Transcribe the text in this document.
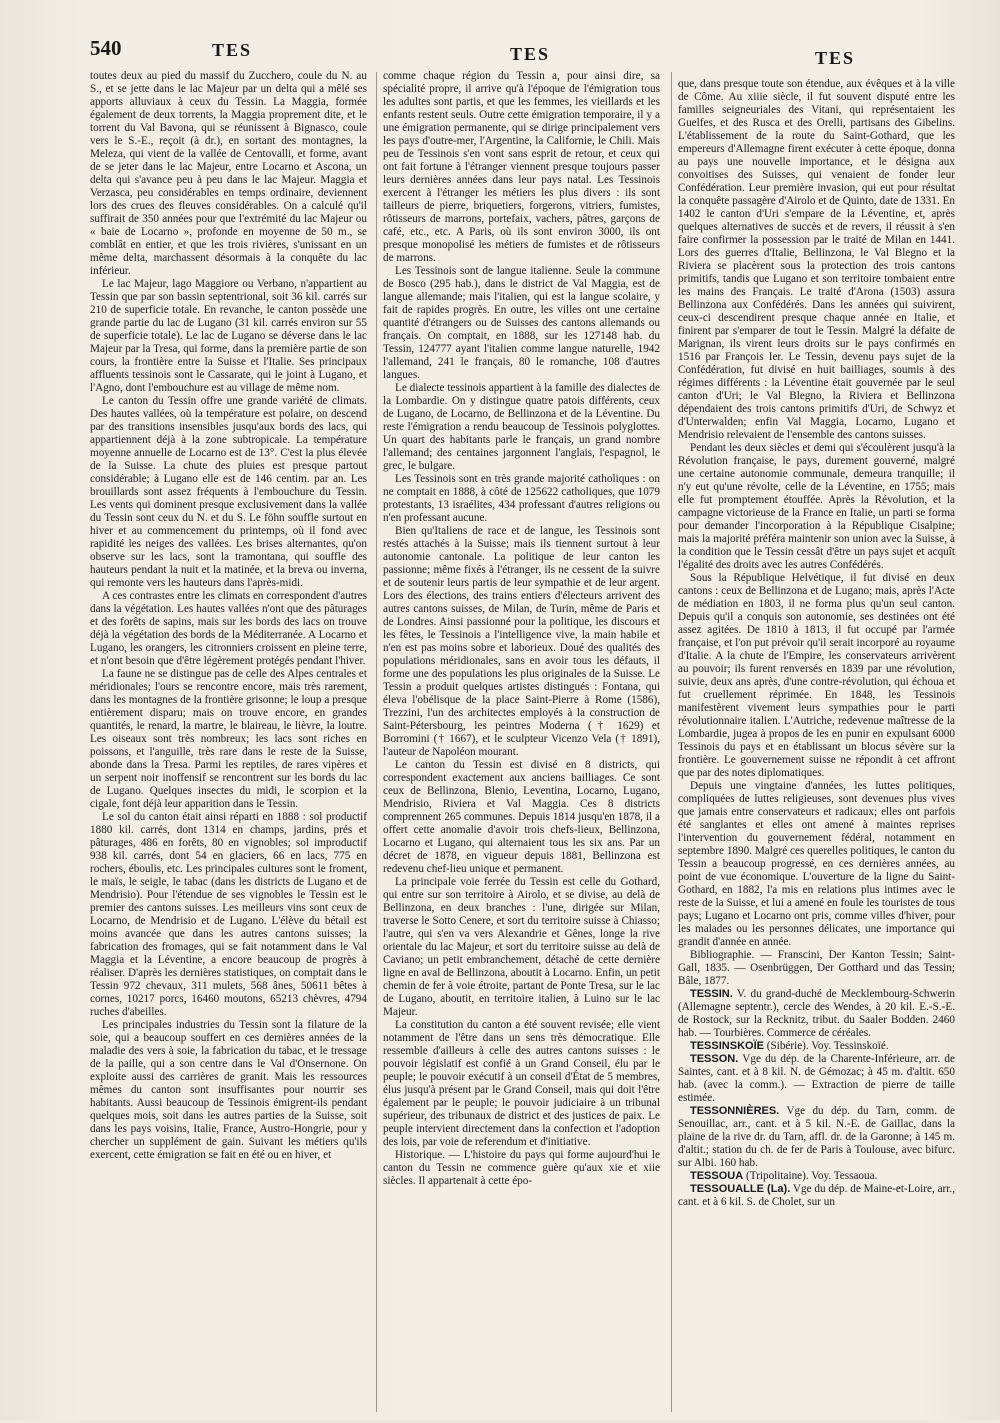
540	TES	TES	TES

toutes deux au pied du massif du Zucchero, coule du N. au S., et se jette dans le lac Majeur par un delta qui a mêlé ses apports alluviaux à ceux du Tessin. La Maggia, formée également de deux torrents, la Maggia proprement dite, et le torrent du Val Bavona, qui se réunissent à Bignasco, coule vers le S.-E., reçoit (à dr.), en sortant des montagnes, la Meleza, qui vient de la vallée de Centovalli, et forme, avant de se jeter dans le lac Majeur, entre Locarno et Ascona, un delta qui s'avance peu à peu dans le lac Majeur. Maggia et Verzasca, peu considérables en temps ordinaire, deviennent lors des crues des fleuves considérables. On a calculé qu'il suffirait de 350 années pour que l'extrémité du lac Majeur ou « baie de Locarno », profonde en moyenne de 50 m., se comblât en entier, et que les trois rivières, s'unissant en un même delta, marchassent désormais à la conquête du lac inférieur.

Le lac Majeur, lago Maggiore ou Verbano, n'appartient au Tessin que par son bassin septentrional, soit 36 kil. carrés sur 210 de superficie totale. En revanche, le canton possède une grande partie du lac de Lugano (31 kil. carrés environ sur 55 de superficie totale). Le lac de Lugano se déverse dans le lac Majeur par la Tresa, qui forme, dans la première partie de son cours, la frontière entre la Suisse et l'Italie. Ses principaux affluents tessinois sont le Cassarate, qui le joint à Lugano, et l'Agno, dont l'embouchure est au village de même nom.

Le canton du Tessin offre une grande variété de climats. Des hautes vallées, où la température est polaire, on descend par des transitions insensibles jusqu'aux bords des lacs, qui appartiennent déjà à la zone subtropicale. La température moyenne annuelle de Locarno est de 13°. C'est la plus élevée de la Suisse. La chute des pluies est presque partout considérable; à Lugano elle est de 146 centim. par an. Les brouillards sont assez fréquents à l'embouchure du Tessin. Les vents qui dominent presque exclusivement dans la vallée du Tessin sont ceux du N. et du S. Le föhn souffle surtout en hiver et au commencement du printemps, où il fond avec rapidité les neiges des vallées. Les brises alternantes, qu'on observe sur les lacs, sont la tramontana, qui souffle des hauteurs pendant la nuit et la matinée, et la breva ou inverna, qui remonte vers les hauteurs dans l'après-midi.

A ces contrastes entre les climats en correspondent d'autres dans la végétation. Les hautes vallées n'ont que des pâturages et des forêts de sapins, mais sur les bords des lacs on trouve déjà la végétation des bords de la Méditerranée. A Locarno et Lugano, les orangers, les citronniers croissent en pleine terre, et n'ont besoin que d'être légèrement protégés pendant l'hiver.

La faune ne se distingue pas de celle des Alpes centrales et méridionales; l'ours se rencontre encore, mais très rarement, dans les montagnes de la frontière grisonne; le loup a presque entièrement disparu; mais on trouve encore, en grandes quantités, le renard, la martre, le blaireau, le lièvre, la loutre. Les oiseaux sont très nombreux; les lacs sont riches en poissons, et l'anguille, très rare dans le reste de la Suisse, abonde dans la Tresa. Parmi les reptiles, de rares vipères et un serpent noir inoffensif se rencontrent sur les bords du lac de Lugano. Quelques insectes du midi, le scorpion et la cigale, font déjà leur apparition dans le Tessin.

Le sol du canton était ainsi réparti en 1888 : sol productif 1880 kil. carrés, dont 1314 en champs, jardins, prés et pâturages, 486 en forêts, 80 en vignobles; sol improductif 938 kil. carrés, dont 54 en glaciers, 66 en lacs, 775 en rochers, éboulis, etc. Les principales cultures sont le froment, le maïs, le seigle, le tabac (dans les districts de Lugano et de Mendrisio). Pour l'étendue de ses vignobles le Tessin est le premier des cantons suisses. Les meilleurs vins sont ceux de Locarno, de Mendrisio et de Lugano. L'élève du bétail est moins avancée que dans les autres cantons suisses; la fabrication des fromages, qui se fait notamment dans le Val Maggia et la Léventine, a encore beaucoup de progrès à réaliser. D'après les dernières statistiques, on comptait dans le Tessin 972 chevaux, 311 mulets, 568 ânes, 50611 bêtes à cornes, 10217 porcs, 16460 moutons, 65213 chèvres, 4794 ruches d'abeilles.

Les principales industries du Tessin sont la filature de la soie, qui a beaucoup souffert en ces dernières années de la maladie des vers à soie, la fabrication du tabac, et le tressage de la paille, qui a son centre dans le Val d'Onsernone. On exploite aussi des carrières de granit. Mais les ressources mêmes du canton sont insuffisantes pour nourrir ses habitants. Aussi beaucoup de Tessinois émigrent-ils pendant quelques mois, soit dans les autres parties de la Suisse, soit dans les pays voisins, Italie, France, Austro-Hongrie, pour y chercher un supplément de gain. Suivant les métiers qu'ils exercent, cette émigration se fait en été ou en hiver, et

comme chaque région du Tessin a, pour ainsi dire, sa spécialité propre, il arrive qu'à l'époque de l'émigration tous les adultes sont partis, et que les femmes, les vieillards et les enfants restent seuls. Outre cette émigration temporaire, il y a une émigration permanente, qui se dirige principalement vers les pays d'outre-mer, l'Argentine, la Californie, le Chili. Mais peu de Tessinois s'en vont sans esprit de retour, et ceux qui ont fait fortune à l'étranger viennent presque toujours passer leurs dernières années dans leur pays natal. Les Tessinois exercent à l'étranger les métiers les plus divers : ils sont tailleurs de pierre, briquetiers, forgerons, vitriers, fumistes, rôtisseurs de marrons, portefaix, vachers, pâtres, garçons de café, etc., etc. A Paris, où ils sont environ 3000, ils ont presque monopolisé les métiers de fumistes et de rôtisseurs de marrons.

Les Tessinois sont de langue italienne. Seule la commune de Bosco (295 hab.), dans le district de Val Maggia, est de langue allemande; mais l'italien, qui est la langue scolaire, y fait de rapides progrès. En outre, les villes ont une certaine quantité d'étrangers ou de Suisses des cantons allemands ou français. On comptait, en 1888, sur les 127148 hab. du Tessin, 124777 ayant l'italien comme langue naturelle, 1942 l'allemand, 241 le français, 80 le romanche, 108 d'autres langues.

Le dialecte tessinois appartient à la famille des dialectes de la Lombardie. On y distingue quatre patois différents, ceux de Lugano, de Locarno, de Bellinzona et de la Léventine. Du reste l'émigration a rendu beaucoup de Tessinois polyglottes. Un quart des habitants parle le français, un grand nombre l'allemand; des centaines jargonnent l'anglais, l'espagnol, le grec, le bulgare.

Les Tessinois sont en très grande majorité catholiques : on ne comptait en 1888, à côté de 125622 catholiques, que 1079 protestants, 13 israélites, 434 professant d'autres religions ou n'en professant aucune.

Bien qu'Italiens de race et de langue, les Tessinois sont restés attachés à la Suisse; mais ils tiennent surtout à leur autonomie cantonale. La politique de leur canton les passionne; même fixés à l'étranger, ils ne cessent de la suivre et de soutenir leurs partis de leur sympathie et de leur argent. Lors des élections, des trains entiers d'électeurs arrivent des autres cantons suisses, de Milan, de Turin, même de Paris et de Londres. Ainsi passionné pour la politique, les discours et les fêtes, le Tessinois a l'intelligence vive, la main habile et n'en est pas moins sobre et laborieux. Doué des qualités des populations méridionales, sans en avoir tous les défauts, il forme une des populations les plus originales de la Suisse. Le Tessin a produit quelques artistes distingués : Fontana, qui éleva l'obélisque de la place Saint-Pierre à Rome (1586), Trezzini, l'un des architectes employés à la construction de Saint-Pétersbourg, les peintres Moderna († 1629) et Borromini († 1667), et le sculpteur Vicenzo Vela († 1891), l'auteur de Napoléon mourant.

Le canton du Tessin est divisé en 8 districts, qui correspondent exactement aux anciens bailliages. Ce sont ceux de Bellinzona, Blenio, Leventina, Locarno, Lugano, Mendrisio, Riviera et Val Maggia. Ces 8 districts comprennent 265 communes. Depuis 1814 jusqu'en 1878, il a offert cette anomalie d'avoir trois chefs-lieux, Bellinzona, Locarno et Lugano, qui alternaient tous les six ans. Par un décret de 1878, en vigueur depuis 1881, Bellinzona est redevenu chef-lieu unique et permanent.

La principale voie ferrée du Tessin est celle du Gothard, qui entre sur son territoire à Airolo, et se divise, au delà de Bellinzona, en deux branches : l'une, dirigée sur Milan, traverse le Sotto Cenere, et sort du territoire suisse à Chiasso; l'autre, qui s'en va vers Alexandrie et Gênes, longe la rive orientale du lac Majeur, et sort du territoire suisse au delà de Caviano; un petit embranchement, détaché de cette dernière ligne en aval de Bellinzona, aboutit à Locarno. Enfin, un petit chemin de fer à voie étroite, partant de Ponte Tresa, sur le lac de Lugano, aboutit, en territoire italien, à Luino sur le lac Majeur.

La constitution du canton a été souvent revisée; elle vient notamment de l'être dans un sens très démocratique. Elle ressemble d'ailleurs à celle des autres cantons suisses : le pouvoir législatif est confié à un Grand Conseil, élu par le peuple; le pouvoir exécutif à un conseil d'État de 5 membres, élus jusqu'à présent par le Grand Conseil, mais qui doit l'être également par le peuple; le pouvoir judiciaire à un tribunal supérieur, des tribunaux de district et des justices de paix. Le peuple intervient directement dans la confection et l'adoption des lois, par voie de referendum et d'initiative.

Historique. — L'histoire du pays qui forme aujourd'hui le canton du Tessin ne commence guère qu'aux xie et xiie siècles. Il appartenait à cette épo-

que, dans presque toute son étendue, aux évêques et à la ville de Côme. Au xiiie siècle, il fut souvent disputé entre les familles seigneuriales des Vitani, qui représentaient les Guelfes, et des Rusca et des Orelli, partisans des Gibelins. L'établissement de la route du Saint-Gothard, que les empereurs d'Allemagne firent exécuter à cette époque, donna au pays une nouvelle importance, et le désigna aux convoitises des Suisses, qui venaient de fonder leur Confédération. Leur première invasion, qui eut pour résultat la conquête passagère d'Airolo et de Quinto, date de 1331. En 1402 le canton d'Uri s'empare de la Léventine, et, après quelques alternatives de succès et de revers, il réussit à s'en faire confirmer la possession par le traité de Milan en 1441. Lors des guerres d'Italie, Bellinzona, le Val Blegno et la Riviera se placèrent sous la protection des trois cantons primitifs, tandis que Lugano et son territoire tombaient entre les mains des Français. Le traité d'Arona (1503) assura Bellinzona aux Confédérés. Dans les années qui suivirent, ceux-ci descendirent presque chaque année en Italie, et finirent par s'emparer de tout le Tessin. Malgré la défaite de Marignan, ils virent leurs droits sur le pays confirmés en 1516 par François Ier. Le Tessin, devenu pays sujet de la Confédération, fut divisé en huit bailliages, soumis à des régimes différents : la Léventine était gouvernée par le seul canton d'Uri; le Val Blegno, la Riviera et Bellinzona dépendaient des trois cantons primitifs d'Uri, de Schwyz et d'Unterwalden; enfin Val Maggia, Locarno, Lugano et Mendrisio relevaient de l'ensemble des cantons suisses.

Pendant les deux siècles et demi qui s'écoulèrent jusqu'à la Révolution française, le pays, durement gouverné, malgré une certaine autonomie communale, demeura tranquille; il n'y eut qu'une révolte, celle de la Léventine, en 1755; mais elle fut promptement étouffée. Après la Révolution, et la campagne victorieuse de la France en Italie, un parti se forma pour demander l'incorporation à la République Cisalpine; mais la majorité préféra maintenir son union avec la Suisse, à la condition que le Tessin cessât d'être un pays sujet et acquît l'égalité des droits avec les autres Confédérés.

Sous la République Helvétique, il fut divisé en deux cantons : ceux de Bellinzona et de Lugano; mais, après l'Acte de médiation en 1803, il ne forma plus qu'un seul canton. Depuis qu'il a conquis son autonomie, ses destinées ont été assez agitées. De 1810 à 1813, il fut occupé par l'armée française, et l'on put prévoir qu'il serait incorporé au royaume d'Italie. A la chute de l'Empire, les conservateurs arrivèrent au pouvoir; ils furent renversés en 1839 par une révolution, suivie, deux ans après, d'une contre-révolution, qui échoua et fut cruellement réprimée. En 1848, les Tessinois manifestèrent vivement leurs sympathies pour le parti révolutionnaire italien. L'Autriche, redevenue maîtresse de la Lombardie, jugea à propos de les en punir en expulsant 6000 Tessinois du pays et en établissant un blocus sévère sur la frontière. Le gouvernement suisse ne répondit à cet affront que par des notes diplomatiques.

Depuis une vingtaine d'années, les luttes politiques, compliquées de luttes religieuses, sont devenues plus vives que jamais entre conservateurs et radicaux; elles ont parfois été sanglantes et elles ont amené à maintes reprises l'intervention du gouvernement fédéral, notamment en septembre 1890. Malgré ces querelles politiques, le canton du Tessin a beaucoup progressé, en ces dernières années, au point de vue économique. L'ouverture de la ligne du Saint-Gothard, en 1882, l'a mis en relations plus intimes avec le reste de la Suisse, et lui a amené en foule les touristes de tous pays; Lugano et Locarno ont pris, comme villes d'hiver, pour les malades ou les personnes délicates, une importance qui grandit d'année en année.

Bibliographie. — Franscini, Der Kanton Tessin; Saint-Gall, 1835. — Osenbrüggen, Der Gotthard und das Tessin; Bâle, 1877.

TESSIN. V. du grand-duché de Mecklembourg-Schwerin (Allemagne septentr.), cercle des Wendes, à 20 kil. E.-S.-E. de Rostock, sur la Recknitz, tribut. du Saaler Bodden. 2460 hab. — Tourbières. Commerce de céréales.

TESSINSKOÏE (Sibérie). Voy. Tessinskoïé.

TESSON. Vge du dép. de la Charente-Inférieure, arr. de Saintes, cant. et à 8 kil. N. de Gémozac; à 45 m. d'altit. 650 hab. (avec la comm.). — Extraction de pierre de taille estimée.

TESSONNIÈRES. Vge du dép. du Tarn, comm. de Senouillac, arr., cant. et à 5 kil. N.-E. de Gaillac, dans la plaine de la rive dr. du Tarn, affl. dr. de la Garonne; à 145 m. d'altit.; station du ch. de fer de Paris à Toulouse, avec bifurc. sur Albi. 160 hab.

TESSOUA (Tripolitaine). Voy. Tessaoua.

TESSOUALLE (La). Vge du dép. de Maine-et-Loire, arr., cant. et à 6 kil. S. de Cholet, sur un
